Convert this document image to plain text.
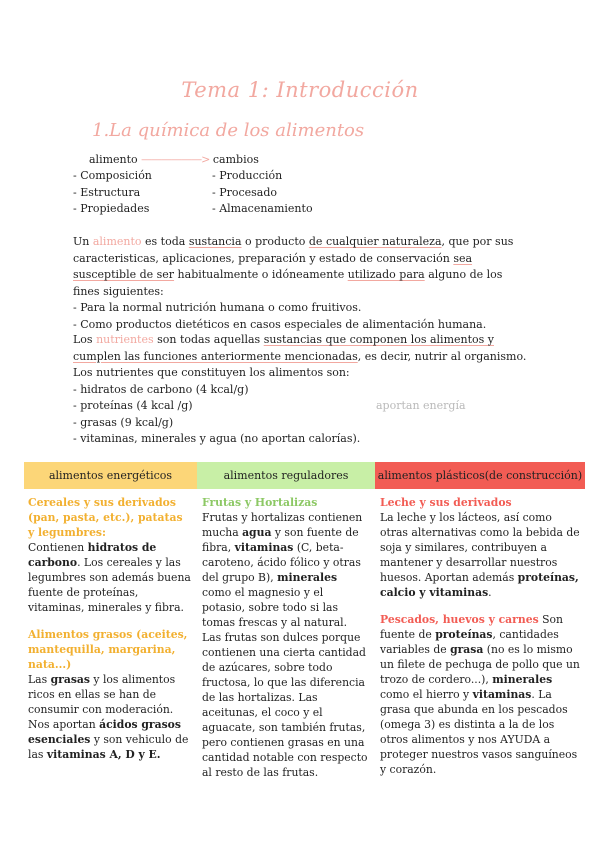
Tema 1: Introducción
1.La química de los alimentos
alimento ——————> cambios
- Composición
- Estructura
- Propiedades
- Producción
- Procesado
- Almacenamiento
Un alimento es toda sustancia o producto de cualquier naturaleza, que por sus caracteristicas, aplicaciones, preparación y estado de conservación sea susceptible de ser habitualmente o idóneamente utilizado para alguno de los fines siguientes:
- Para la normal nutrición humana o como fruitivos.
- Como productos dietéticos en casos especiales de alimentación humana.
Los nutrientes son todas aquellas sustancias que componen los alimentos y cumplen las funciones anteriormente mencionadas, es decir, nutrir al organismo. Los nutrientes que constituyen los alimentos son:
- hidratos de carbono (4 kcal/g)
- proteínas (4 kcal /g)
- grasas (9 kcal/g)
- vitaminas, minerales y agua (no aportan calorías).
aportan energía
alimentos energéticos	alimentos reguladores	alimentos plásticos(de construcción)

Cereales y sus derivados (pan, pasta, etc.), patatas y legumbres:

Contienen hidratos de carbono. Los cereales y las legumbres son además buena fuente de proteínas, vitaminas, minerales y fibra.

Alimentos grasos (aceites, mantequilla, margarina, nata...)

Las grasas y los alimentos ricos en ellas se han de consumir con moderación. Nos aportan ácidos grasos esenciales y son vehiculo de las vitaminas A, D y E.

Frutas y Hortalizas

Frutas y hortalizas contienen mucha agua y son fuente de fibra, vitaminas (C, beta-caroteno, ácido fólico y otras del grupo B), minerales como el magnesio y el potasio, sobre todo si las tomas frescas y al natural. Las frutas son dulces porque contienen una cierta cantidad de azúcares, sobre todo fructosa, lo que las diferencia de las hortalizas. Las aceitunas, el coco y el aguacate, son también frutas, pero contienen grasas en una cantidad notable con respecto al resto de las frutas.

Leche y sus derivados

La leche y los lácteos, así como otras alternativas como la bebida de soja y similares, contribuyen a mantener y desarrollar nuestros huesos. Aportan además proteínas, calcio y vitaminas.

Pescados, huevos y carnes Son fuente de proteínas, cantidades variables de grasa (no es lo mismo un filete de pechuga de pollo que un trozo de cordero...), minerales como el hierro y vitaminas. La grasa que abunda en los pescados (omega 3) es distinta a la de los otros alimentos y nos AYUDA a proteger nuestros vasos sanguíneos y corazón.
